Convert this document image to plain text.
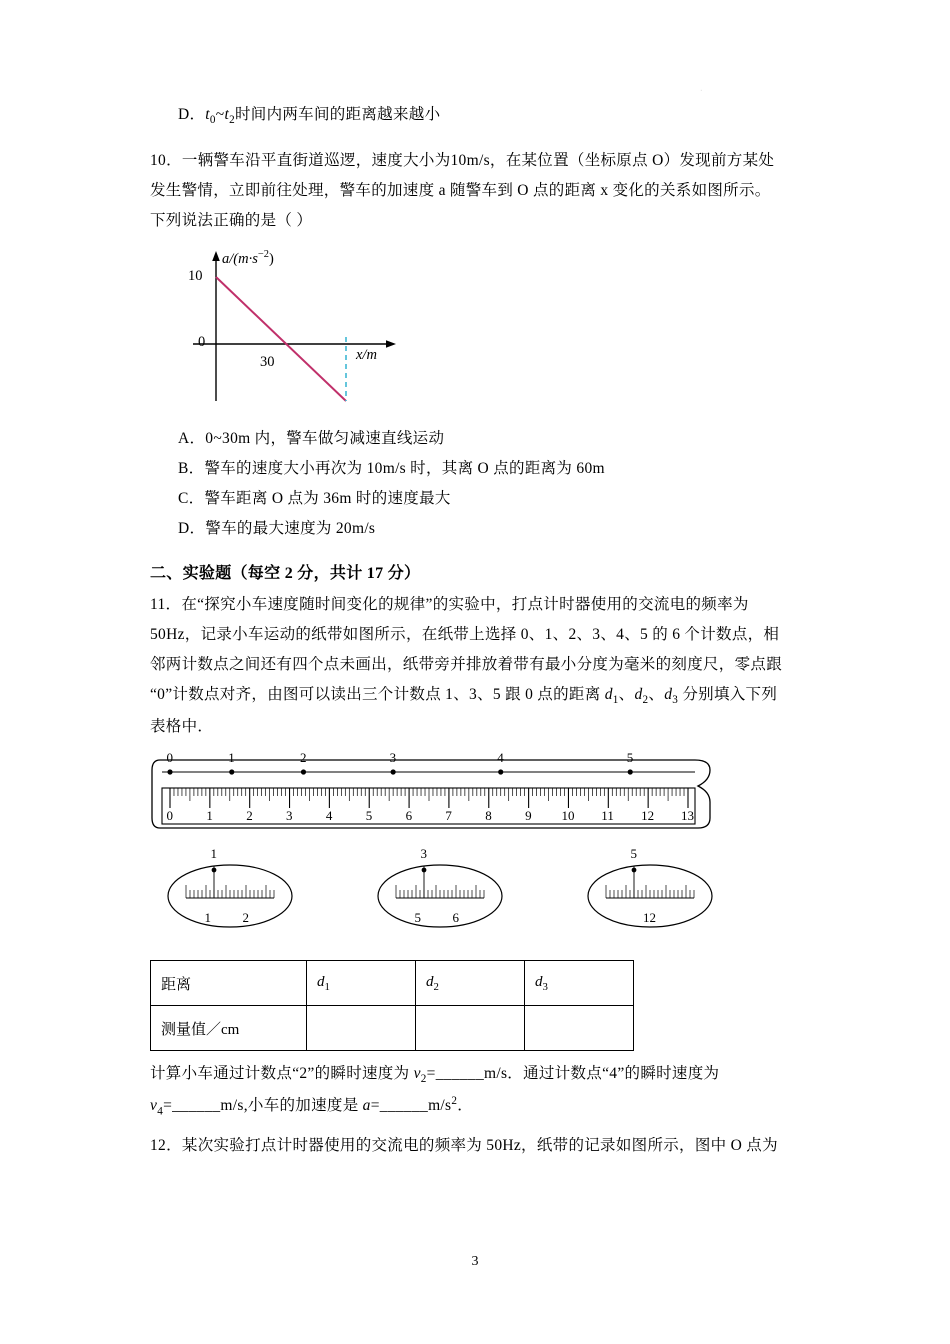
.
D．$t_0\sim t_2$时间内两车间的距离越来越小
10．一辆警车沿平直街道巡逻，速度大小为10m/s，在某位置（坐标原点 O）发现前方某处
发生警情，立即前往处理，警车的加速度 a 随警车到 O 点的距离 x 变化的关系如图所示。
下列说法正确的是（ ）
$a/(m\cdot s^{-2})$
10
0
30	x/m
A．0~30m 内，警车做匀减速直线运动
B．警车的速度大小再次为 10m/s 时，其离 O 点的距离为 60m
C．警车距离 O 点为 36m 时的速度最大
D．警车的最大速度为 20m/s
二、实验题（每空 2 分，共计 17 分）
11．在“探究小车速度随时间变化的规律”的实验中，打点计时器使用的交流电的频率为
50Hz，记录小车运动的纸带如图所示，在纸带上选择 0、1、2、3、4、5 的 6 个计数点，相
邻两计数点之间还有四个点未画出，纸带旁并排放着带有最小分度为毫米的刻度尺，零点跟
“0”计数点对齐，由图可以读出三个计数点 1、3、5 跟 0 点的距离 $d_1$、$d_2$、$d_3$ 分别填入下列
表格中．
0	1	2	3	4	5
0	1	2	3	4	5	6	7	8	9 10 11 12 13
1
1 2
3
5 6
5
12
距离	$d_1$	$d_2$	$d_3$
测量值／cm			
计算小车通过计数点“2”的瞬时速度为 $v_2=\_\_\_\_\_\_m/s$．通过计数点“4”的瞬时速度为
$v_4=\_\_\_\_\_\_m/s$,小车的加速度是 $a=\_\_\_\_\_\_m/s^2$．
12．某次实验打点计时器使用的交流电的频率为 50Hz，纸带的记录如图所示，图中 O 点为
3
